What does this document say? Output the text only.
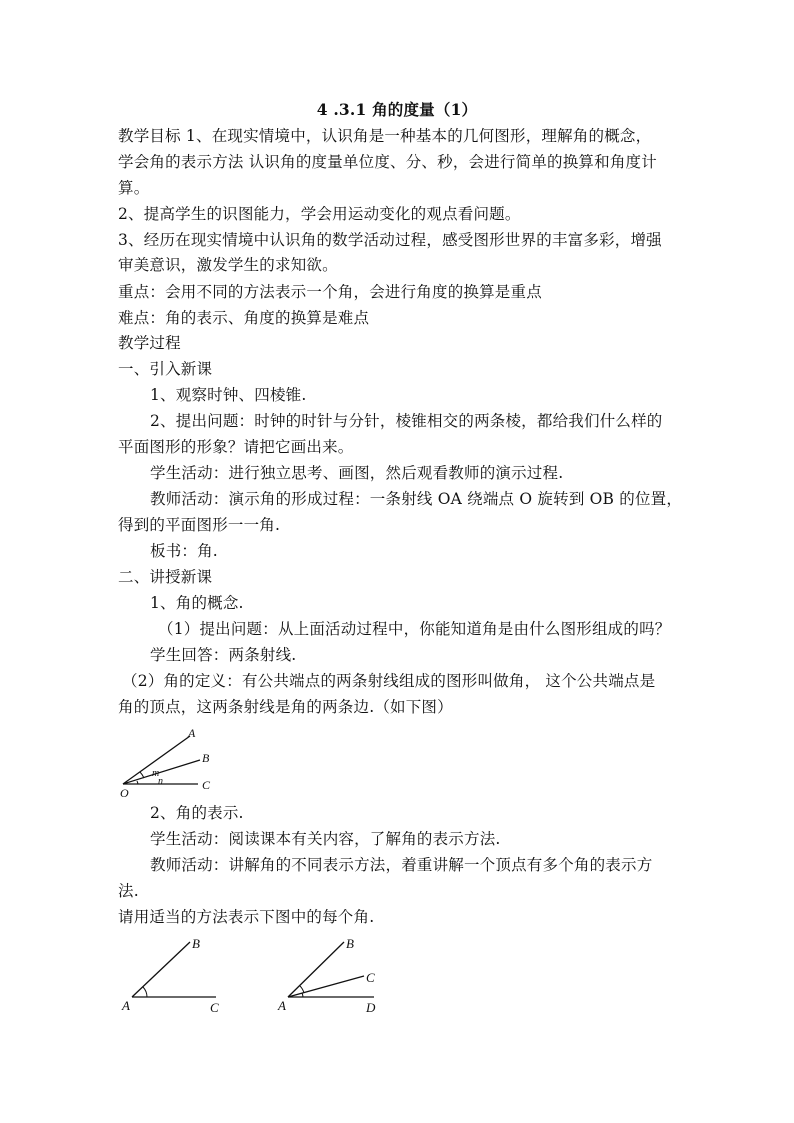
4 .3.1 角的度量（1）
教学目标 1、在现实情境中，认识角是一种基本的几何图形，理解角的概念，
学会角的表示方法 认识角的度量单位度、分、秒，会进行简单的换算和角度计
算。
2、提高学生的识图能力，学会用运动变化的观点看问题。
3、经历在现实情境中认识角的数学活动过程，感受图形世界的丰富多彩，增强
审美意识，激发学生的求知欲。
重点：会用不同的方法表示一个角，会进行角度的换算是重点
难点：角的表示、角度的换算是难点
教学过程
一、引入新课
1、观察时钟、四棱锥.
2、提出问题：时钟的时针与分针，棱锥相交的两条棱，都给我们什么样的
平面图形的形象？请把它画出来。
学生活动：进行独立思考、画图，然后观看教师的演示过程.
教师活动：演示角的形成过程：一条射线 OA 绕端点 O 旋转到 OB 的位置，
得到的平面图形一一角.
板书：角.
二、讲授新课
1、角的概念.
（1）提出问题：从上面活动过程中，你能知道角是由什么图形组成的吗？
学生回答：两条射线.
（2）角的定义：有公共端点的两条射线组成的图形叫做角， 这个公共端点是
角的顶点，这两条射线是角的两条边.（如下图）
A
B
C
O
m
n
2、角的表示.
学生活动：阅读课本有关内容，了解角的表示方法.
教师活动：讲解角的不同表示方法，着重讲解一个顶点有多个角的表示方
法.
请用适当的方法表示下图中的每个角.
B
A	C
B
C
A	D
